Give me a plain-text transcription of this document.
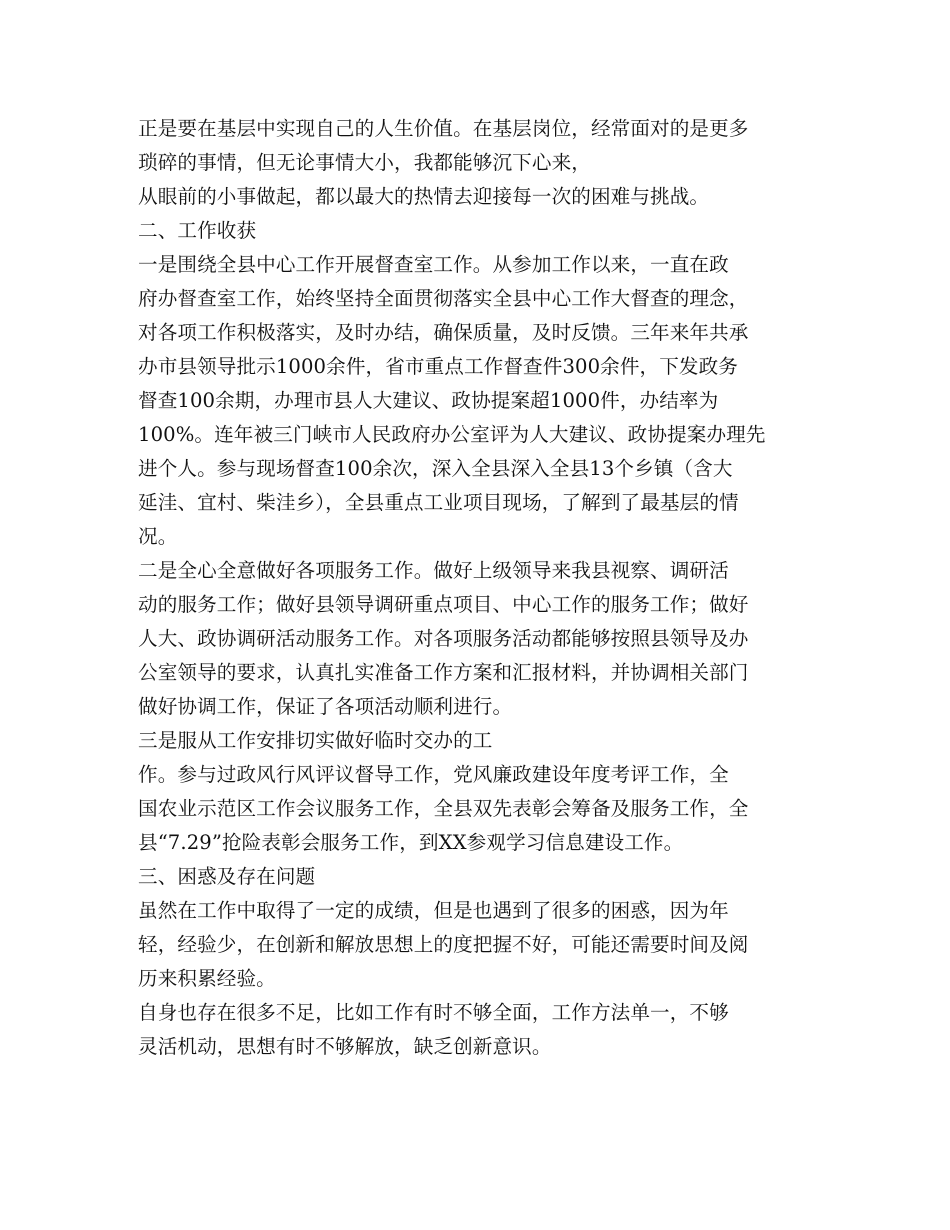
正是要在基层中实现自己的人生价值。在基层岗位，经常面对的是更多
琐碎的事情，但无论事情大小，我都能够沉下心来，
从眼前的小事做起，都以最大的热情去迎接每一次的困难与挑战。
二、工作收获
一是围绕全县中心工作开展督查室工作。从参加工作以来，一直在政
府办督查室工作，始终坚持全面贯彻落实全县中心工作大督查的理念，
对各项工作积极落实，及时办结，确保质量，及时反馈。三年来年共承
办市县领导批示1000余件，省市重点工作督查件300余件，下发政务
督查100余期，办理市县人大建议、政协提案超1000件，办结率为
100%。连年被三门峡市人民政府办公室评为人大建议、政协提案办理先
进个人。参与现场督查100余次，深入全县深入全县13个乡镇（含大
延洼、宜村、柴洼乡），全县重点工业项目现场，了解到了最基层的情
况。
二是全心全意做好各项服务工作。做好上级领导来我县视察、调研活
动的服务工作；做好县领导调研重点项目、中心工作的服务工作；做好
人大、政协调研活动服务工作。对各项服务活动都能够按照县领导及办
公室领导的要求，认真扎实准备工作方案和汇报材料，并协调相关部门
做好协调工作，保证了各项活动顺利进行。
三是服从工作安排切实做好临时交办的工
作。参与过政风行风评议督导工作，党风廉政建设年度考评工作，全
国农业示范区工作会议服务工作，全县双先表彰会筹备及服务工作，全
县“7.29”抢险表彰会服务工作，到XX参观学习信息建设工作。
三、困惑及存在问题
虽然在工作中取得了一定的成绩，但是也遇到了很多的困惑，因为年
轻，经验少，在创新和解放思想上的度把握不好，可能还需要时间及阅
历来积累经验。
自身也存在很多不足，比如工作有时不够全面，工作方法单一，不够
灵活机动，思想有时不够解放，缺乏创新意识。
